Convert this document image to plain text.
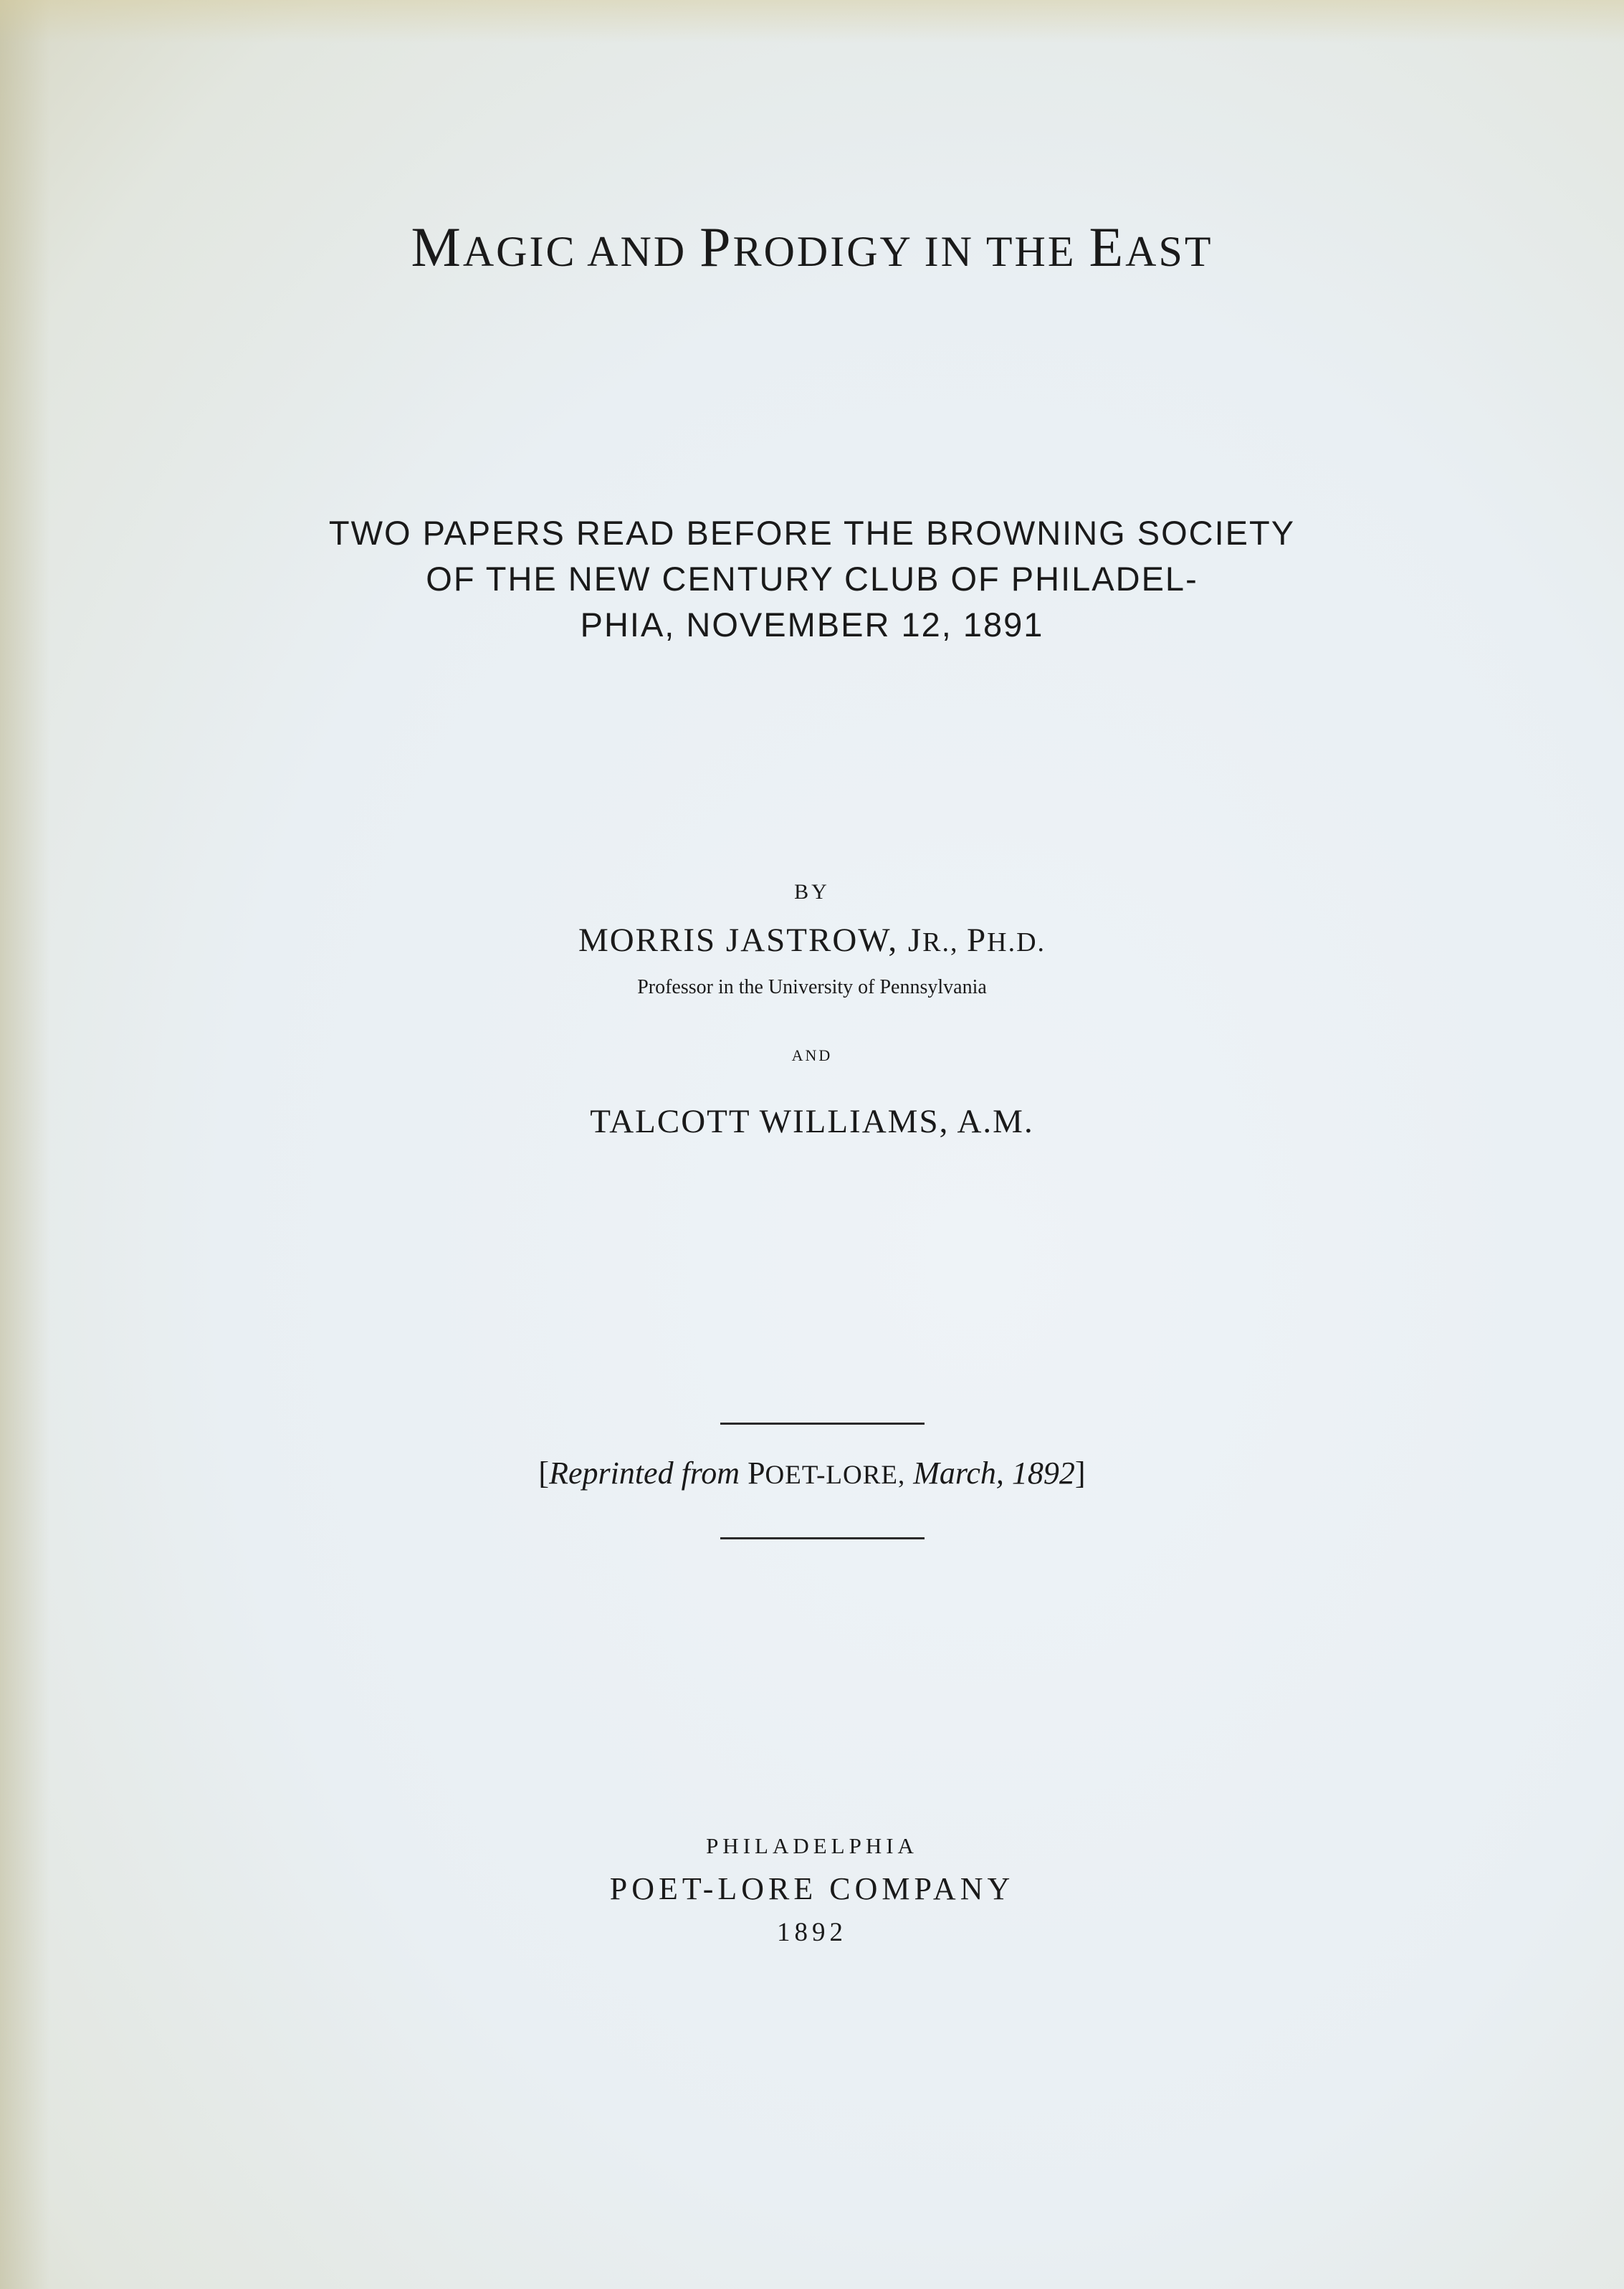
MAGIC AND PRODIGY IN THE EAST
TWO PAPERS READ BEFORE THE BROWNING SOCIETY
OF THE NEW CENTURY CLUB OF PHILADEL-
PHIA, NOVEMBER 12, 1891
BY
MORRIS JASTROW, JR., PH.D.
Professor in the University of Pennsylvania
AND
TALCOTT WILLIAMS, A.M.
[Reprinted from POET-LORE, March, 1892]
PHILADELPHIA
POET-LORE COMPANY
1892
